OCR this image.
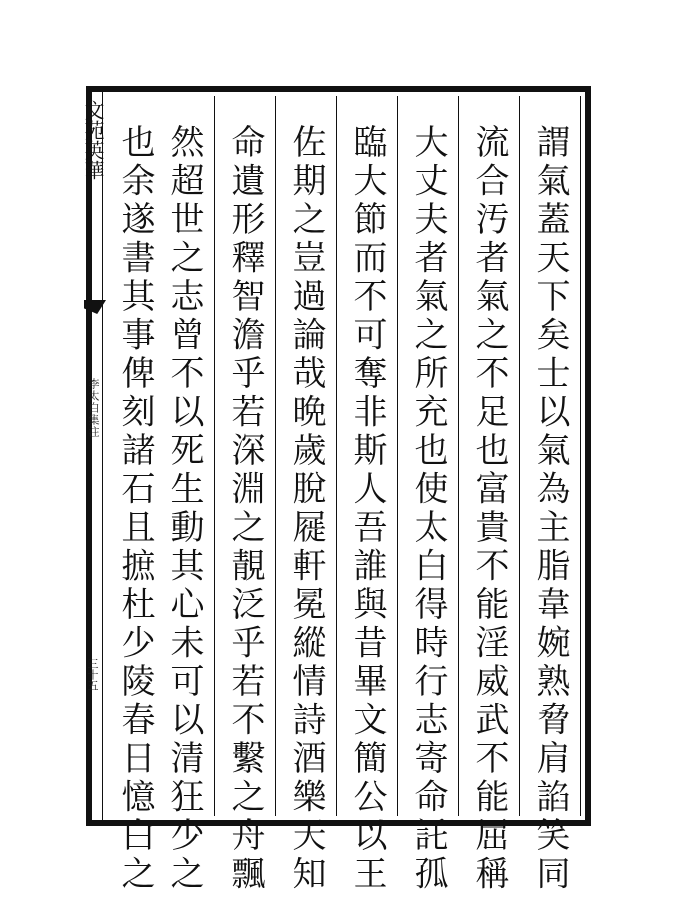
文苑英華
李太白集注
三十五	謂氣蓋天下矣士以氣為主脂韋婉熟脅肩諂笑同
流合汚者氣之不足也富貴不能淫威武不能屈稱
大丈夫者氣之所充也使太白得時行志寄命託孤
臨大節而不可奪非斯人吾誰與昔畢文簡公以王
佐期之豈過論哉晩歲脫屣軒冕縱情詩酒樂天知
命遺形釋智澹乎若深淵之靚泛乎若不繫之舟飄
然超世之志曾不以死生動其心未可以清狂少之
也余遂書其事俾刻諸石且摭杜少陵春日憶白之
